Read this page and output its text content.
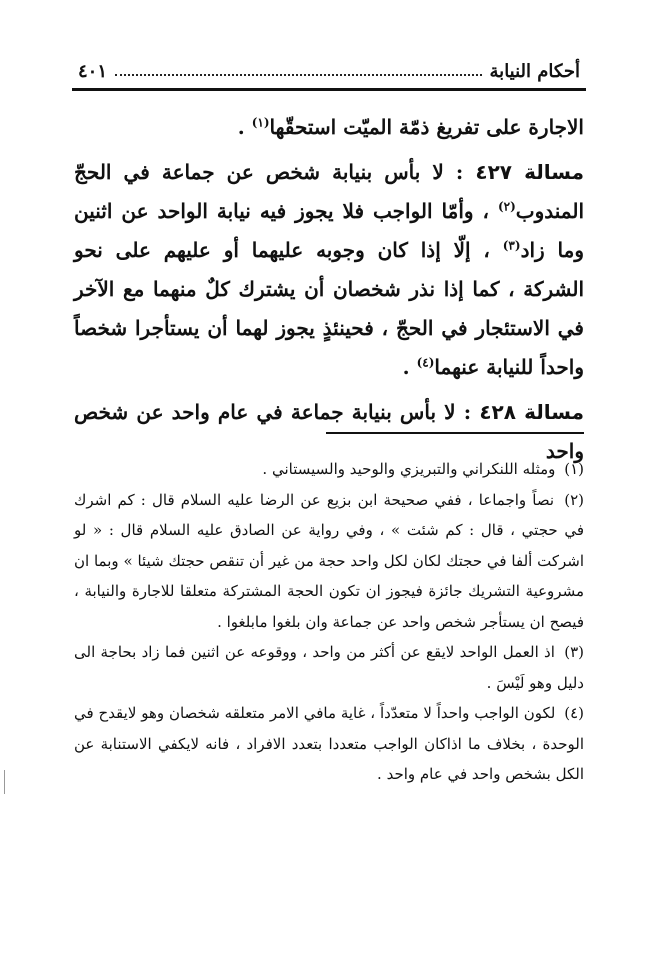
أحكام النيابة
٤٠١

الاجارة على تفريغ ذمّة الميّت استحقّها$^{(١)}$ .

مسالة ٤٢٧ : لا بأس بنيابة شخص عن جماعة في الحجّ المندوب$^{(٢)}$ ، وأمّا الواجب فلا يجوز فيه نيابة الواحد عن اثنين وما زاد$^{(٣)}$ ، إلّا إذا كان وجوبه عليهما أو عليهم على نحو الشركة ، كما إذا نذر شخصان أن يشترك كلٌ منهما مع الآخر في الاستئجار في الحجّ ، فحينئذٍ يجوز لهما أن يستأجرا شخصاً واحداً للنيابة عنهما$^{(٤)}$ .

مسالة ٤٢٨ : لا بأس بنيابة جماعة في عام واحد عن شخص واحد

(١) ومثله اللنكراني والتبريزي والوحيد والسيستاني .

(٢) نصاً واجماعا ، ففي صحيحة ابن بزيع عن الرضا عليه السلام قال : كم اشرك في حجتي ، قال : كم شئت » ، وفي رواية عن الصادق عليه السلام قال : « لو اشركت ألفا في حجتك لكان لكل واحد حجة من غير أن تنقص حجتك شيئا » وبما ان مشروعية التشريك جائزة فيجوز ان تكون الحجة المشتركة متعلقا للاجارة والنيابة ، فيصح ان يستأجر شخص واحد عن جماعة وان بلغوا مابلغوا .

(٣) اذ العمل الواحد لايقع عن أكثر من واحد ، ووقوعه عن اثنين فما زاد بحاجة الى دليل وهو لَيْسَ .

(٤) لكون الواجب واحداً لا متعدّداً ، غاية مافي الامر متعلقه شخصان وهو لايقدح في الوحدة ، بخلاف ما اذاكان الواجب متعددا بتعدد الافراد ، فانه لايكفي الاستنابة عن الكل بشخص واحد في عام واحد .
